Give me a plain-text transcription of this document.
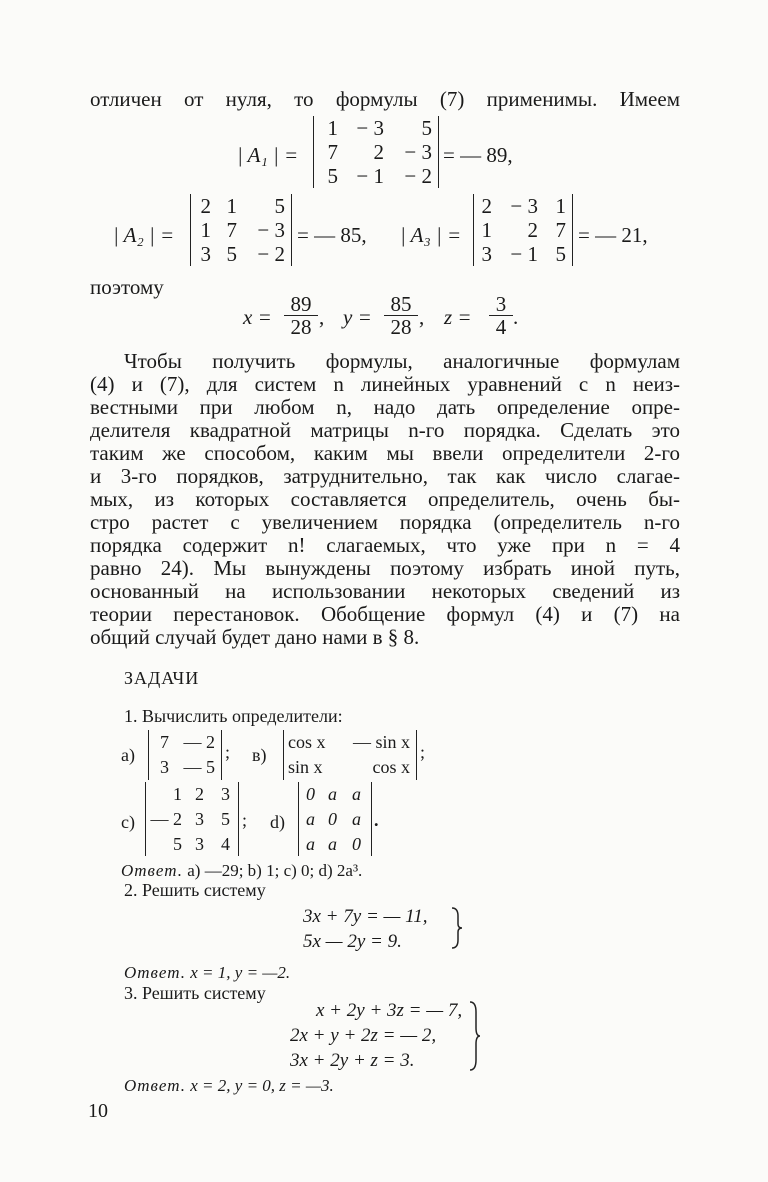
отличен от нуля, то формулы (7) применимы. Имеем
| A₁ | =
1 − 3	5
7	2 − 3
5 − 1 − 2
= — 89,
| A₂ | =
2 1	5
1 7 − 3
3 5 − 2
= — 85, | A₃ | =
2 − 3 1
1	2 7
3 − 1 5
= — 21,
поэтому
$x = \frac{89}{28}$ , $y = \frac{85}{28}$ , $z = \frac{3}{4}$ .
Чтобы получить формулы, аналогичные формулам
(4) и (7), для систем n линейных уравнений с n неиз-
вестными при любом n, надо дать определение опре-
делителя квадратной матрицы n-го порядка. Сделать это
таким же способом, каким мы ввели определители 2-го
и 3-го порядков, затруднительно, так как число слагае-
мых, из которых составляется определитель, очень бы-
стро растет с увеличением порядка (определитель n-го
порядка содержит n! слагаемых, что уже при n = 4
равно 24). Мы вынуждены поэтому избрать иной путь,
основанный на использовании некоторых сведений из
теории перестановок. Обобщение формул (4) и (7) на
общий случай будет дано нами в § 8.
ЗАДАЧИ
1. Вычислить определители:
a)
7 — 2
3 — 5
; в)
cos x	— sin x
sin x	cos x
;
c)
1 2 3
— 2 3 5
5 3 4
; d)
0 a a
a 0 a
a a 0
.
Ответ. a) —29; b) 1; c) 0; d) 2a³.
2. Решить систему
3x + 7y = — 11,
5x — 2y = 9.
Ответ. x = 1, y = —2.
3. Решить систему
x + 2y + 3z = — 7,
2x + y + 2z = — 2,
3x + 2y + z = 3.
Ответ. x = 2, y = 0, z = —3.
10
